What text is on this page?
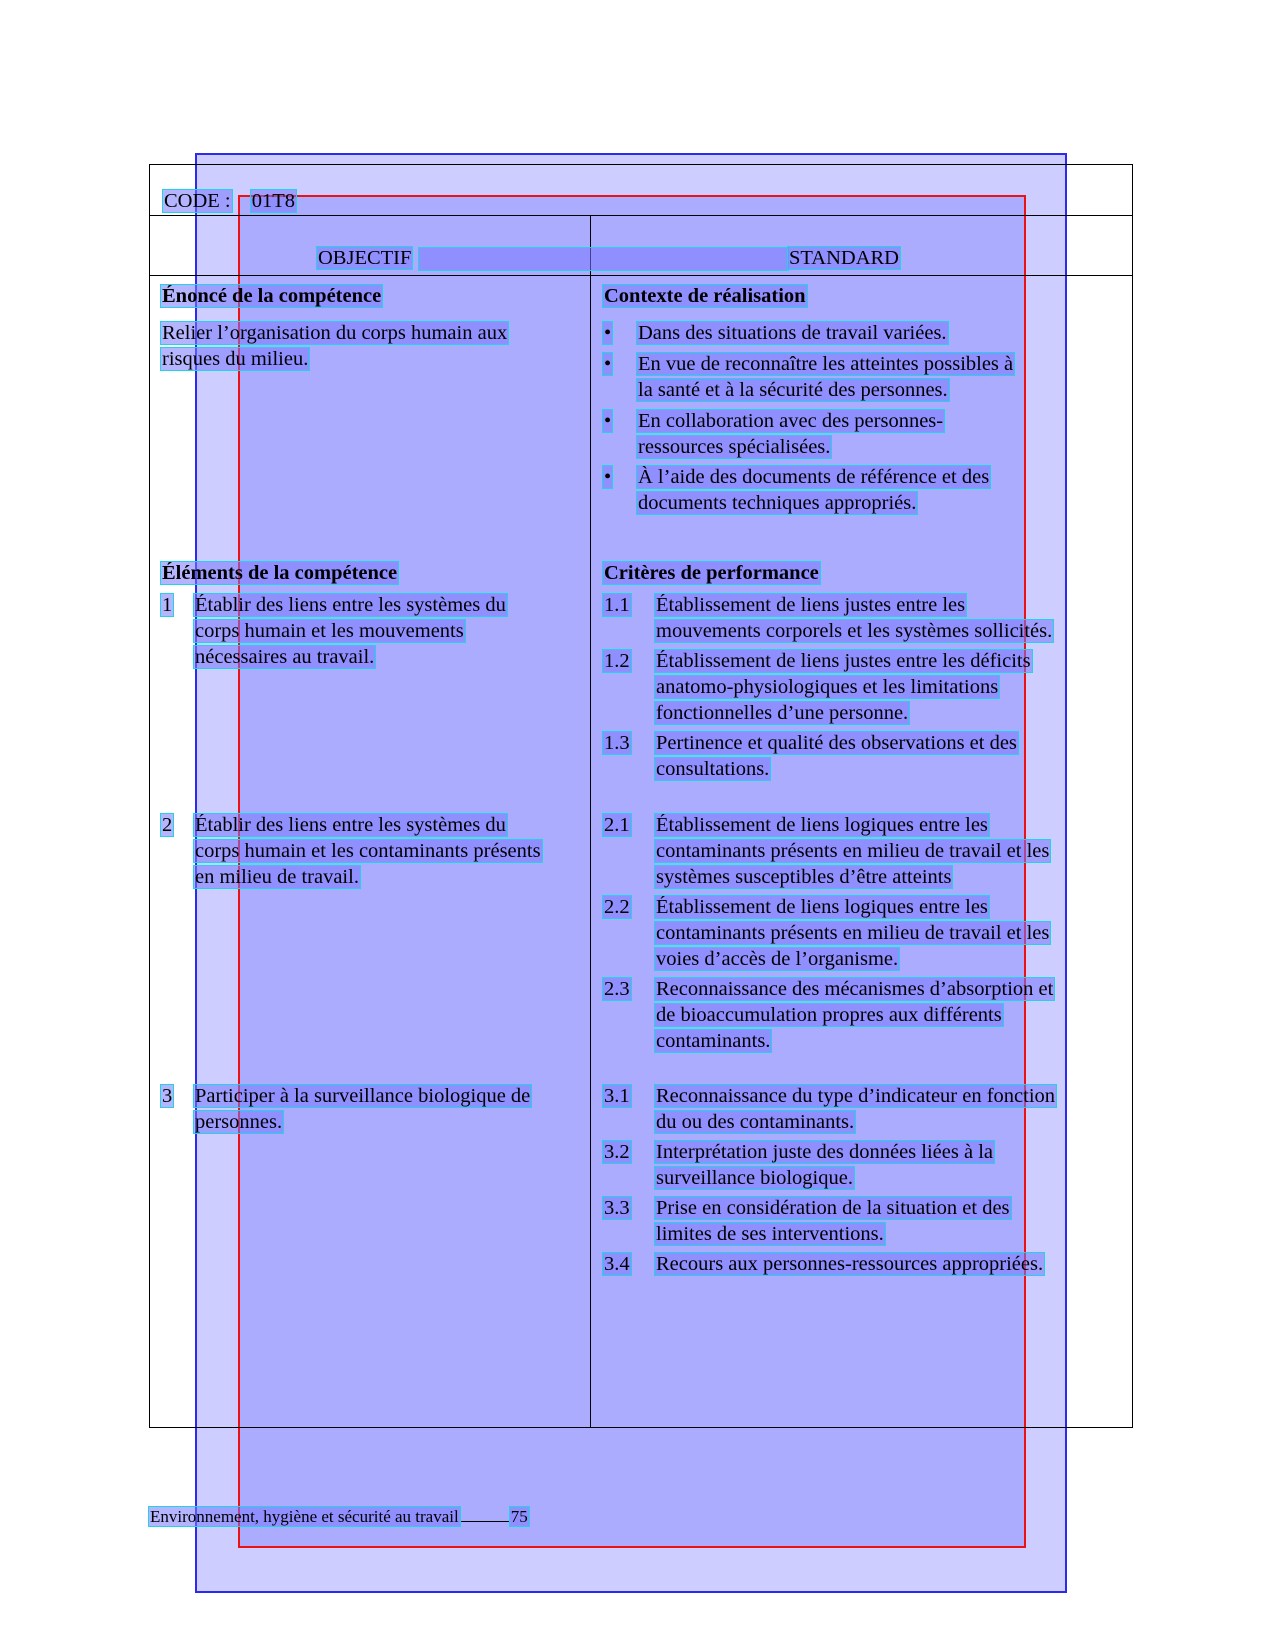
CODE : 01T8
OBJECTIF	STANDARD
Énoncé de la compétence
Relier l’organisation du corps humain aux
risques du milieu.
Éléments de la compétence
1 Établir des liens entre les systèmes du
corps humain et les mouvements
nécessaires au travail.
2 Établir des liens entre les systèmes du
corps humain et les contaminants présents
en milieu de travail.
3 Participer à la surveillance biologique de
personnes.
Contexte de réalisation
• Dans des situations de travail variées.
• En vue de reconnaître les atteintes possibles à
la santé et à la sécurité des personnes.
• En collaboration avec des personnes-
ressources spécialisées.
• À l’aide des documents de référence et des
documents techniques appropriés.
Critères de performance
1.1 Établissement de liens justes entre les
mouvements corporels et les systèmes sollicités.
1.2 Établissement de liens justes entre les déficits
anatomo-physiologiques et les limitations
fonctionnelles d’une personne.
1.3 Pertinence et qualité des observations et des
consultations.
2.1 Établissement de liens logiques entre les
contaminants présents en milieu de travail et les
systèmes susceptibles d’être atteints
2.2 Établissement de liens logiques entre les
contaminants présents en milieu de travail et les
voies d’accès de l’organisme.
2.3 Reconnaissance des mécanismes d’absorption et
de bioaccumulation propres aux différents
contaminants.
3.1 Reconnaissance du type d’indicateur en fonction
du ou des contaminants.
3.2 Interprétation juste des données liées à la
surveillance biologique.
3.3 Prise en considération de la situation et des
limites de ses interventions.
3.4 Recours aux personnes-ressources appropriées.
Environnement, hygiène et sécurité au travail	75
